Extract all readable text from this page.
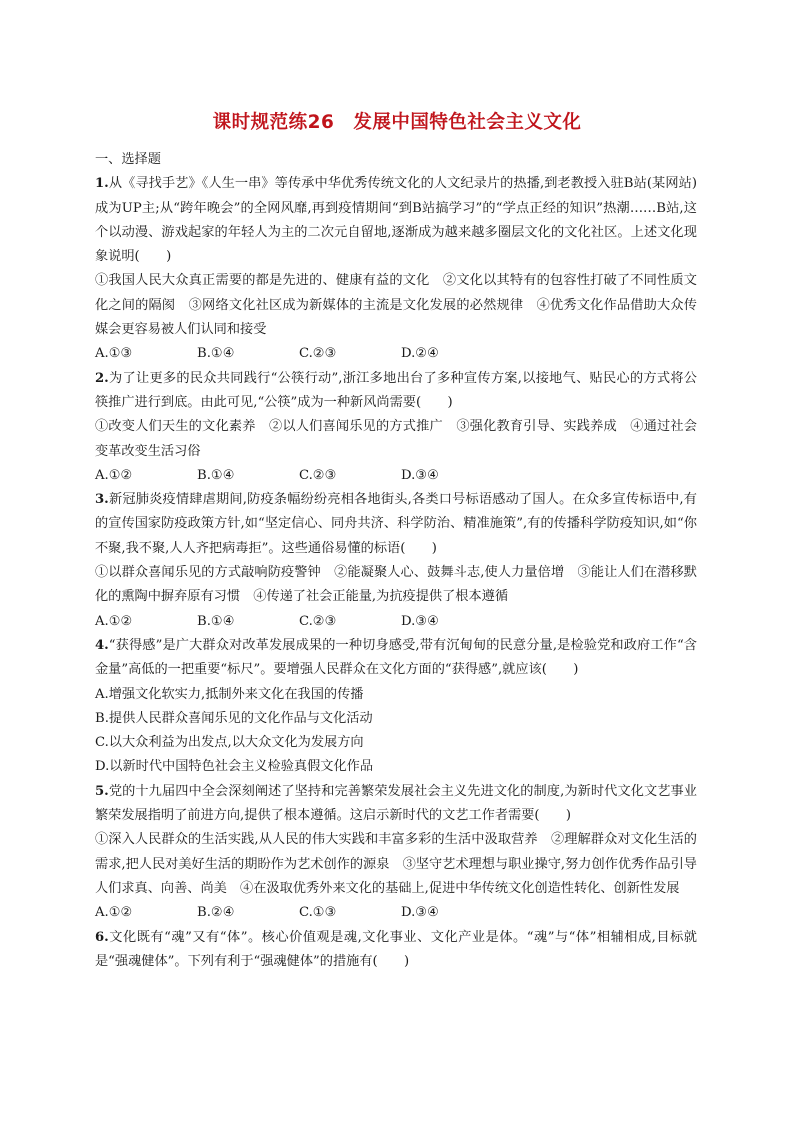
课时规范练26　发展中国特色社会主义文化

一、选择题

1.从《寻找手艺》《人生一串》等传承中华优秀传统文化的人文纪录片的热播,到老教授入驻B站(某网站)成为UP主;从“跨年晚会”的全网风靡,再到疫情期间“到B站搞学习”的“学点正经的知识”热潮……B站,这个以动漫、游戏起家的年轻人为主的二次元自留地,逐渐成为越来越多圈层文化的文化社区。上述文化现象说明(　　)

①我国人民大众真正需要的都是先进的、健康有益的文化　②文化以其特有的包容性打破了不同性质文化之间的隔阂　③网络文化社区成为新媒体的主流是文化发展的必然规律　④优秀文化作品借助大众传媒会更容易被人们认同和接受

A.①③	B.①④	C.②③	D.②④

2.为了让更多的民众共同践行“公筷行动”,浙江多地出台了多种宣传方案,以接地气、贴民心的方式将公筷推广进行到底。由此可见,“公筷”成为一种新风尚需要(　　)

①改变人们天生的文化素养　②以人们喜闻乐见的方式推广　③强化教育引导、实践养成　④通过社会变革改变生活习俗

A.①②	B.①④	C.②③	D.③④

3.新冠肺炎疫情肆虐期间,防疫条幅纷纷亮相各地街头,各类口号标语感动了国人。在众多宣传标语中,有的宣传国家防疫政策方针,如“坚定信心、同舟共济、科学防治、精准施策”,有的传播科学防疫知识,如“你不聚,我不聚,人人齐把病毒拒”。这些通俗易懂的标语(　　)

①以群众喜闻乐见的方式敲响防疫警钟　②能凝聚人心、鼓舞斗志,使人力量倍增　③能让人们在潜移默化的熏陶中摒弃原有习惯　④传递了社会正能量,为抗疫提供了根本遵循

A.①②	B.①④	C.②③	D.③④

4.“获得感”是广大群众对改革发展成果的一种切身感受,带有沉甸甸的民意分量,是检验党和政府工作“含金量”高低的一把重要“标尺”。要增强人民群众在文化方面的“获得感”,就应该(　　)

A.增强文化软实力,抵制外来文化在我国的传播

B.提供人民群众喜闻乐见的文化作品与文化活动

C.以大众利益为出发点,以大众文化为发展方向

D.以新时代中国特色社会主义检验真假文化作品

5.党的十九届四中全会深刻阐述了坚持和完善繁荣发展社会主义先进文化的制度,为新时代文化文艺事业繁荣发展指明了前进方向,提供了根本遵循。这启示新时代的文艺工作者需要(　　)

①深入人民群众的生活实践,从人民的伟大实践和丰富多彩的生活中汲取营养　②理解群众对文化生活的需求,把人民对美好生活的期盼作为艺术创作的源泉　③坚守艺术理想与职业操守,努力创作优秀作品引导人们求真、向善、尚美　④在汲取优秀外来文化的基础上,促进中华传统文化创造性转化、创新性发展

A.①②	B.②④	C.①③	D.③④

6.文化既有“魂”又有“体”。核心价值观是魂,文化事业、文化产业是体。“魂”与“体”相辅相成,目标就是“强魂健体”。下列有利于“强魂健体”的措施有(　　)
